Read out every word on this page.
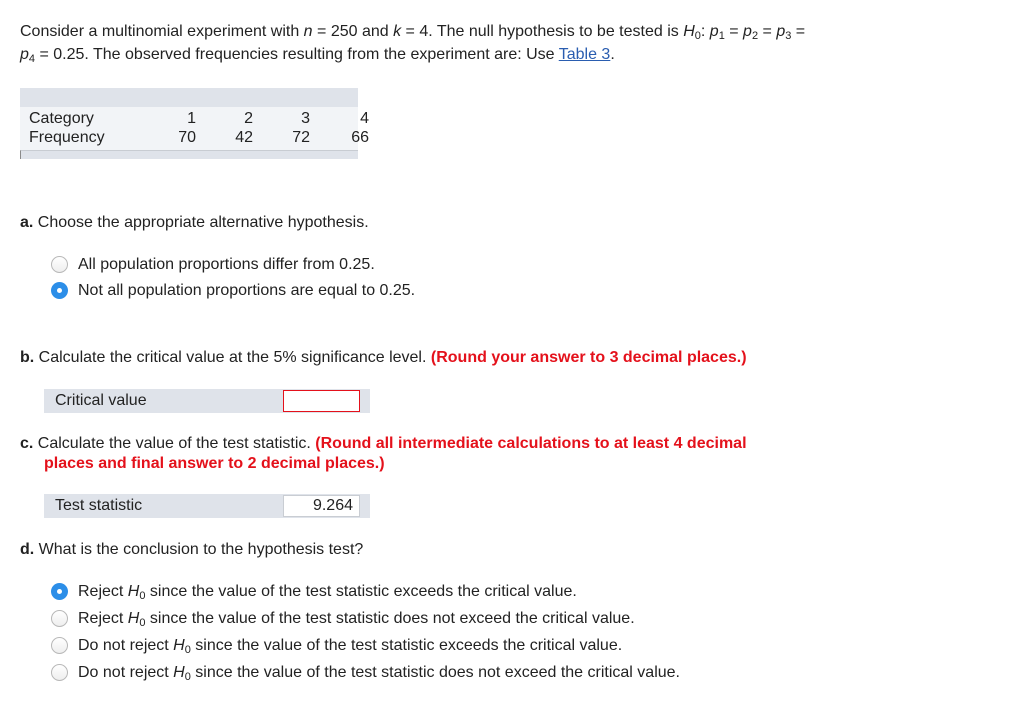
Consider a multinomial experiment with n = 250 and k = 4. The null hypothesis to be tested is $H_0$: $p_1 = p_2 = p_3$ =
$p_4 = 0.25$. The observed frequencies resulting from the experiment are: Use Table 3.
Category	1	2	3	4
Frequency	70	42	72	66
a. Choose the appropriate alternative hypothesis.
All population proportions differ from 0.25.
Not all population proportions are equal to 0.25.
b. Calculate the critical value at the 5% significance level. (Round your answer to 3 decimal places.)
Critical value
c. Calculate the value of the test statistic. (Round all intermediate calculations to at least 4 decimal
places and final answer to 2 decimal places.)
Test statistic
9.264
d. What is the conclusion to the hypothesis test?
Reject $H_0$ since the value of the test statistic exceeds the critical value.
Reject $H_0$ since the value of the test statistic does not exceed the critical value.
Do not reject $H_0$ since the value of the test statistic exceeds the critical value.
Do not reject $H_0$ since the value of the test statistic does not exceed the critical value.
